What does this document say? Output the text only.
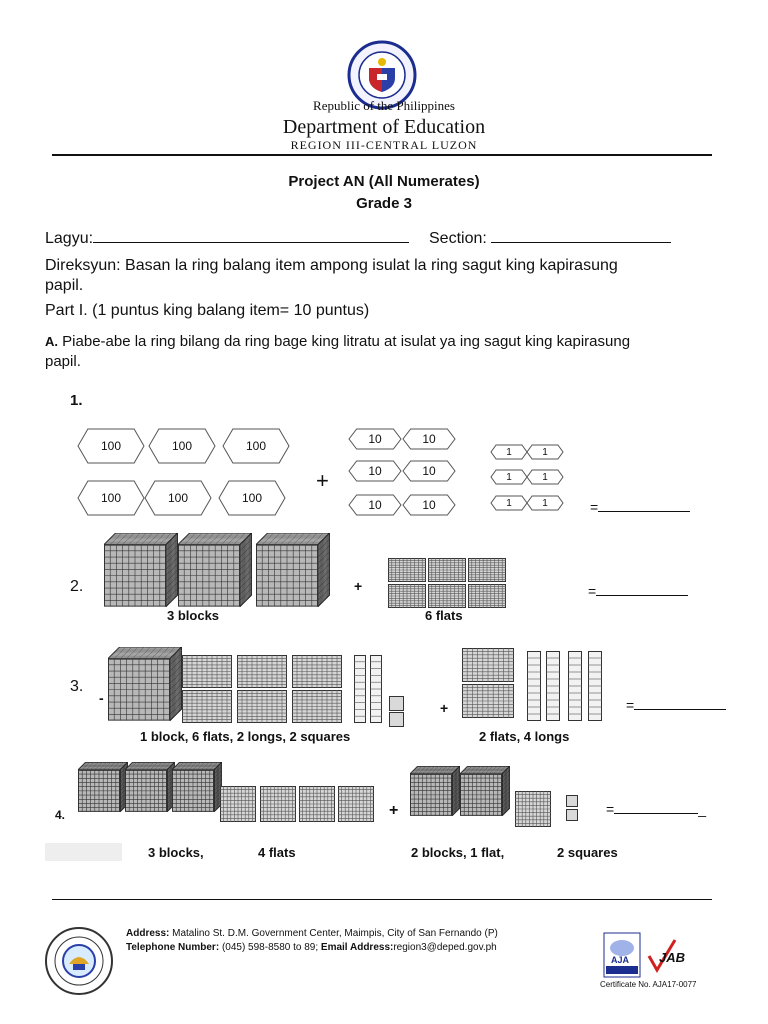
Republic of the Philippines
Department of Education
REGION III-CENTRAL LUZON
Project AN (All Numerates)
Grade 3
Lagyu:	Section:
Direksyun: Basan la ring balang item ampong isulat la ring sagut king kapirasung papil.
Part I. (1 puntus king balang item= 10 puntus)
A. Piabe-abe la ring bilang da ring bage king litratu at isulat ya ing sagut king kapirasung papil.
1.
100	100	100
100	100	100
+
10	10
10	10
10	10
1	1
1	1
1	1	=
2.	+
3 blocks	6 flats
=
3.
-
+
1 block, 6 flats, 2 longs, 2 squares	2 flats, 4 longs
=
4.	+	=	_
3 blocks,	4 flats	2 blocks, 1 flat,	2 squares
Address: Matalino St. D.M. Government Center, Maimpis, City of San Fernando (P)
Telephone Number: (045) 598-8580 to 89; Email Address:region3@deped.gov.ph
AJA JAB
Certificate No. AJA17-0077
